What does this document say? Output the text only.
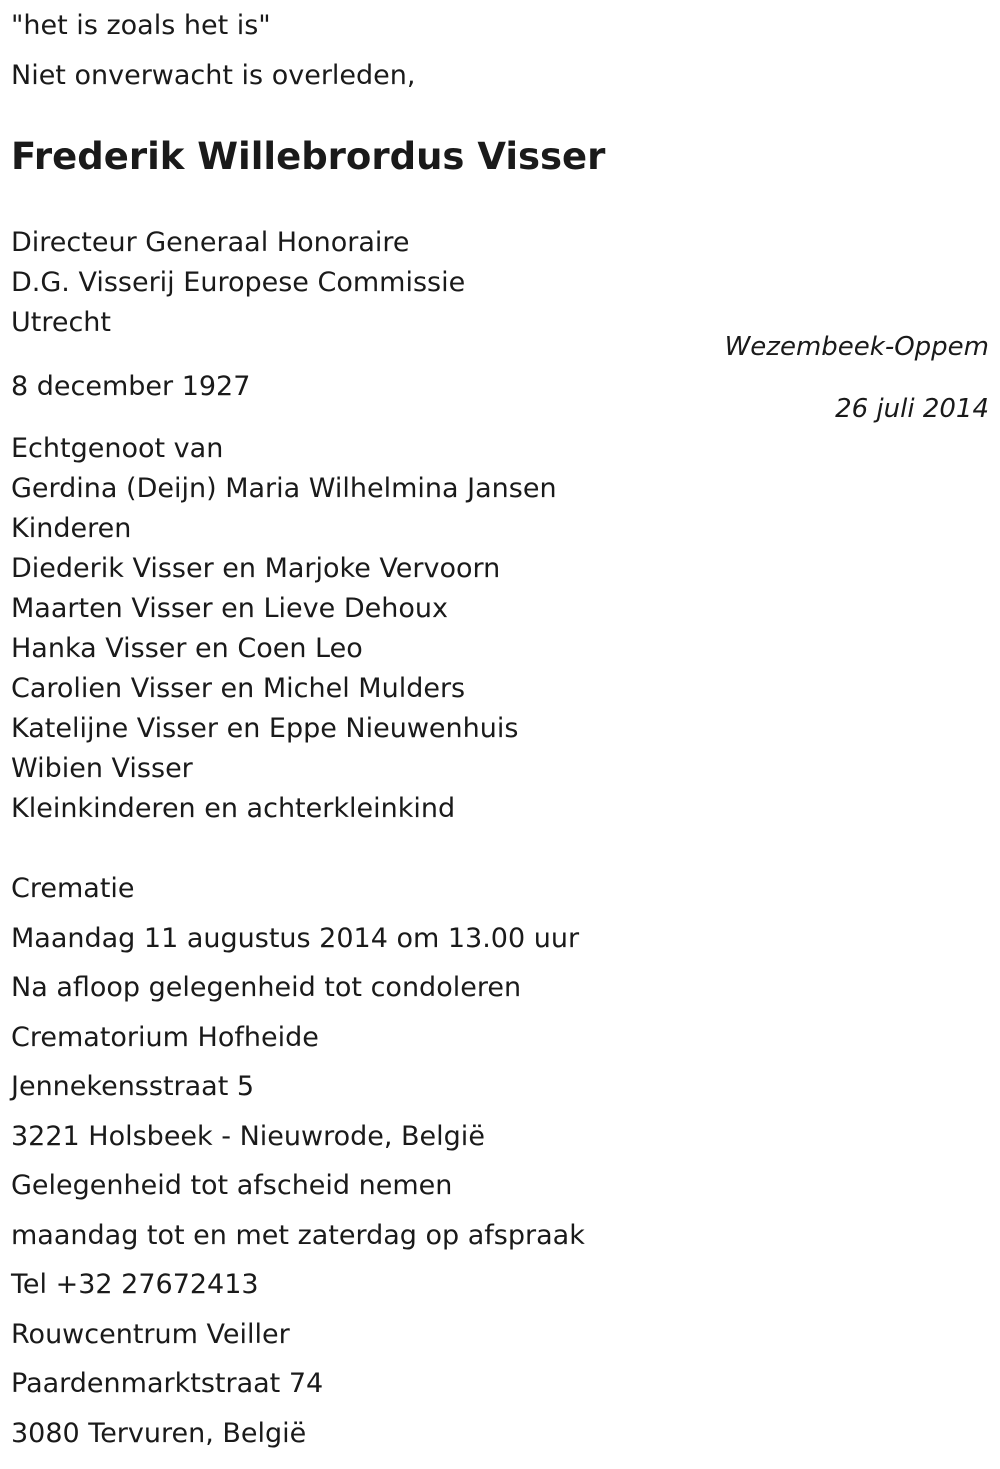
"het is zoals het is"
Niet onverwacht is overleden,
Frederik Willebrordus Visser
Directeur Generaal Honoraire
D.G. Visserij Europese Commissie
Utrecht
Wezembeek-Oppem
8 december 1927
26 juli 2014
Echtgenoot van
Gerdina (Deijn) Maria Wilhelmina Jansen
Kinderen
Diederik Visser en Marjoke Vervoorn
Maarten Visser en Lieve Dehoux
Hanka Visser en Coen Leo
Carolien Visser en Michel Mulders
Katelijne Visser en Eppe Nieuwenhuis
Wibien Visser
Kleinkinderen en achterkleinkind
Crematie
Maandag 11 augustus 2014 om 13.00 uur
Na afloop gelegenheid tot condoleren
Crematorium Hofheide
Jennekensstraat 5
3221 Holsbeek - Nieuwrode, België
Gelegenheid tot afscheid nemen
maandag tot en met zaterdag op afspraak
Tel +32 27672413
Rouwcentrum Veiller
Paardenmarktstraat 74
3080 Tervuren, België
